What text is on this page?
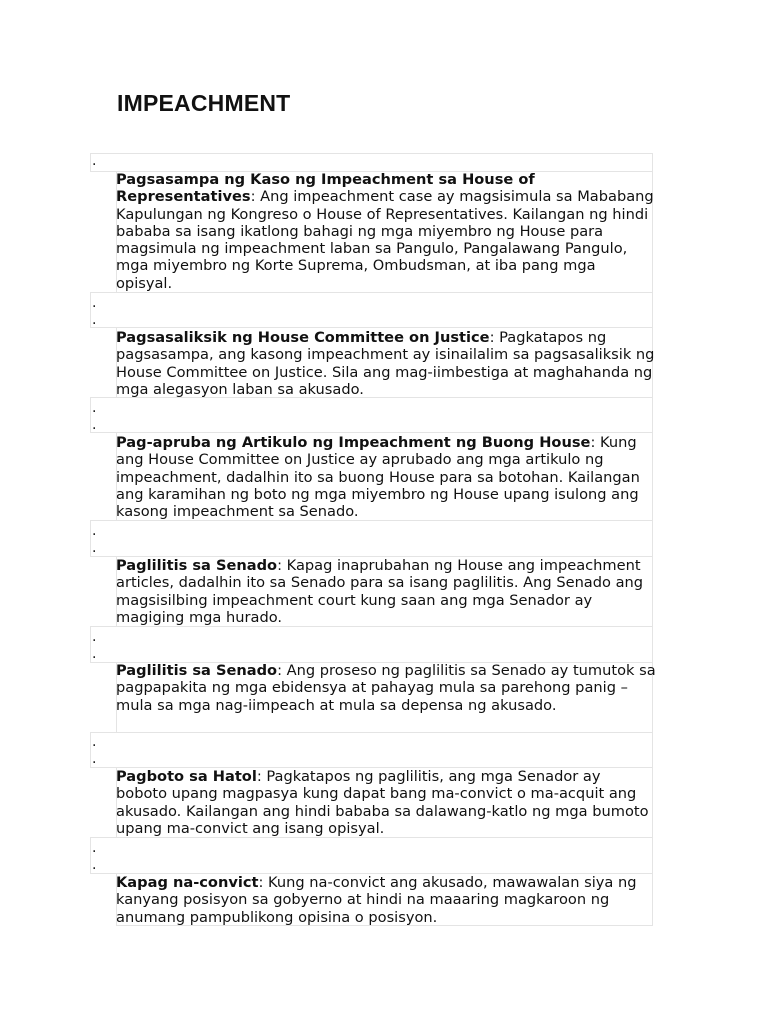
IMPEACHMENT
.
.
.
.
.
.
.
.
.
.
.
.
.

Pagsasampa ng Kaso ng Impeachment sa House of Representatives: Ang impeachment case ay magsisimula sa Mababang Kapulungan ng Kongreso o House of Representatives. Kailangan ng hindi bababa sa isang ikatlong bahagi ng mga miyembro ng House para magsimula ng impeachment laban sa Pangulo, Pangalawang Pangulo, mga miyembro ng Korte Suprema, Ombudsman, at iba pang mga opisyal.

Pagsasaliksik ng House Committee on Justice: Pagkatapos ng pagsasampa, ang kasong impeachment ay isinailalim sa pagsasaliksik ng House Committee on Justice. Sila ang mag-iimbestiga at maghahanda ng mga alegasyon laban sa akusado.

Pag-apruba ng Artikulo ng Impeachment ng Buong House: Kung ang House Committee on Justice ay aprubado ang mga artikulo ng impeachment, dadalhin ito sa buong House para sa botohan. Kailangan ang karamihan ng boto ng mga miyembro ng House upang isulong ang kasong impeachment sa Senado.

Paglilitis sa Senado: Kapag inaprubahan ng House ang impeachment articles, dadalhin ito sa Senado para sa isang paglilitis. Ang Senado ang magsisilbing impeachment court kung saan ang mga Senador ay magiging mga hurado.

Paglilitis sa Senado: Ang proseso ng paglilitis sa Senado ay tumutok sa pagpapakita ng mga ebidensya at pahayag mula sa parehong panig – mula sa mga nag-iimpeach at mula sa depensa ng akusado.

Pagboto sa Hatol: Pagkatapos ng paglilitis, ang mga Senador ay boboto upang magpasya kung dapat bang ma-convict o ma-acquit ang akusado. Kailangan ang hindi bababa sa dalawang-katlo ng mga bumoto upang ma-convict ang isang opisyal.

Kapag na-convict: Kung na-convict ang akusado, mawawalan siya ng kanyang posisyon sa gobyerno at hindi na maaaring magkaroon ng anumang pampublikong opisina o posisyon.
